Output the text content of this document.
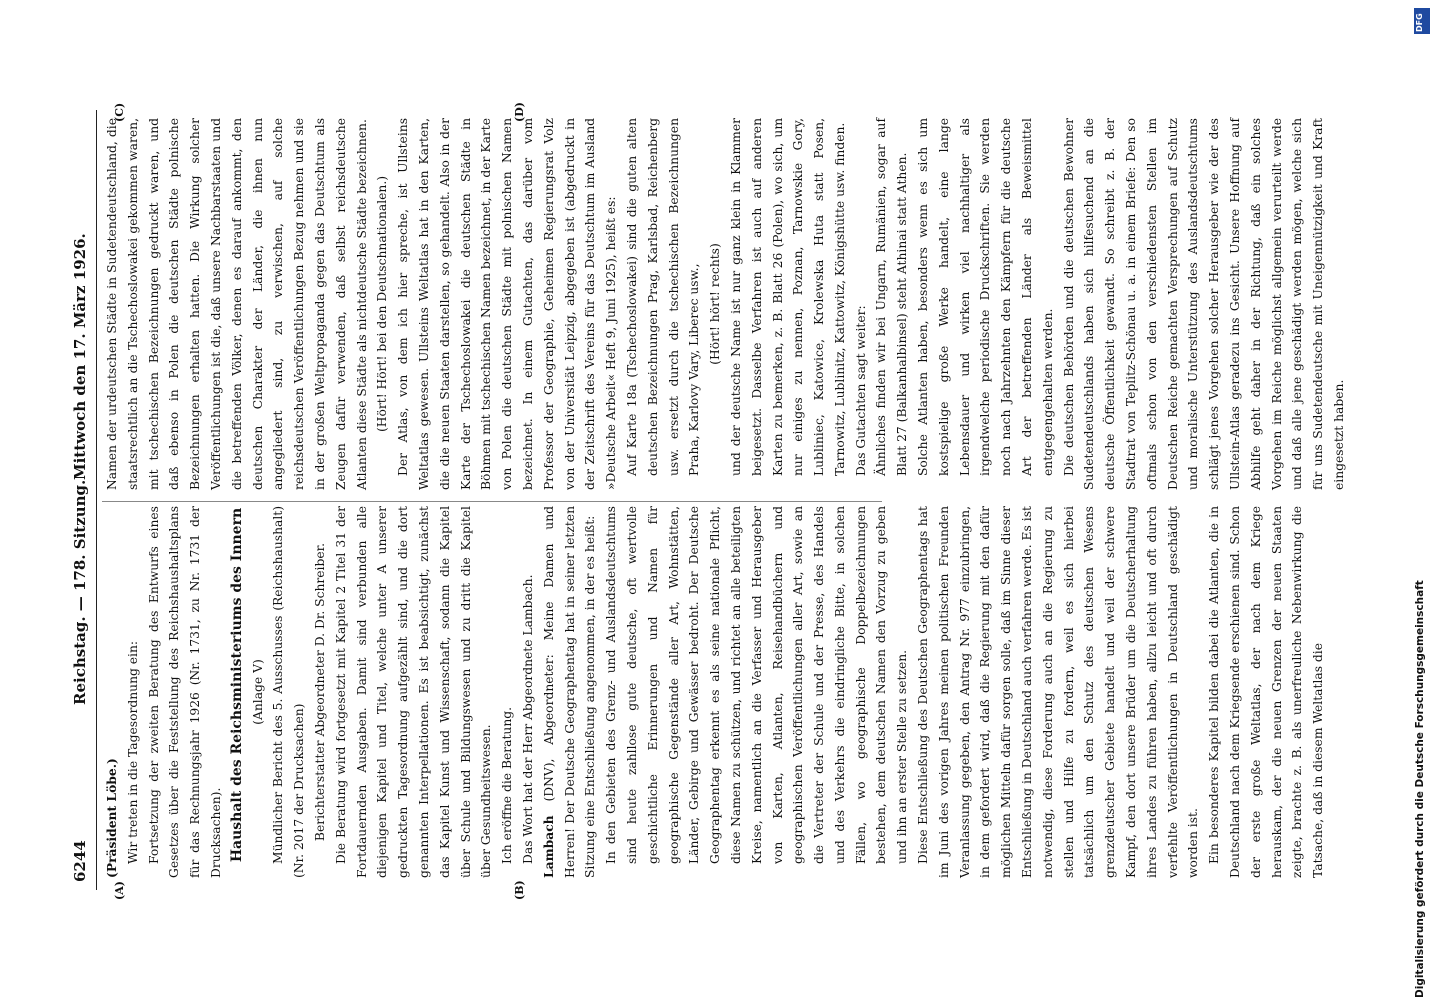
6244
Reichstag. — 178. Sitzung.
Mittwoch den 17. März 1926.
(A)	(B)
(C)	(D)

(Präsident Löbe.) Wir treten in die Tagesordnung ein: Fortsetzung der zweiten Beratung des Entwurfs eines Gesetzes über die Feststellung des Reichshaushaltsplans für das Rechnungsjahr 1926 (Nr. 1731, zu Nr. 1731 der Drucksachen). Haushalt des Reichsministeriums des Innern (Anlage V) Mündlicher Bericht des 5. Ausschusses (Reichshaushalt) (Nr. 2017 der Drucksachen) Berichterstatter Abgeordneter D. Dr. Schreiber. Die Beratung wird fortgesetzt mit Kapitel 2 Titel 31 der Fortdauernden Ausgaben. Damit sind verbunden alle diejenigen Kapitel und Titel, welche unter A unserer gedruckten Tagesordnung aufgezählt sind, und die dort genannten Interpellationen. Es ist beabsichtigt, zunächst das Kapitel Kunst und Wissenschaft, sodann die Kapitel über Schule und Bildungswesen und zu dritt die Kapitel über Gesundheitswesen. Ich eröffne die Beratung. Das Wort hat der Herr Abgeordnete Lambach. Lambach (DNV), Abgeordneter: Meine Damen und Herren! Der Deutsche Geographentag hat in seiner letzten Sitzung eine Entschließung angenommen, in der es heißt: In den Gebieten des Grenz- und Auslandsdeutschtums sind heute zahllose gute deutsche, oft wertvolle geschichtliche Erinnerungen und Namen für geographische Gegenstände aller Art, Wohnstätten, Länder, Gebirge und Gewässer bedroht. Der Deutsche Geographentag erkennt es als seine nationale Pflicht, diese Namen zu schützen, und richtet an alle beteiligten Kreise, namentlich an die Verfasser und Herausgeber von Karten, Atlanten, Reisehandbüchern und geographischen Veröffentlichungen aller Art, sowie an die Vertreter der Schule und der Presse, des Handels und des Verkehrs die eindringliche Bitte, in solchen Fällen, wo geographische Doppelbezeichnungen bestehen, dem deutschen Namen den Vorzug zu geben und ihn an erster Stelle zu setzen. Diese Entschließung des Deutschen Geographentags hat im Juni des vorigen Jahres meinen politischen Freunden Veranlassung gegeben, den Antrag Nr. 977 einzubringen, in dem gefordert wird, daß die Regierung mit den dafür möglichen Mitteln dafür sorgen solle, daß im Sinne dieser Entschließung in Deutschland auch verfahren werde. Es ist notwendig, diese Forderung auch an die Regierung zu stellen und Hilfe zu fordern, weil es sich hierbei tatsächlich um den Schutz des deutschen Wesens grenzdeutscher Gebiete handelt und weil der schwere Kampf, den dort unsere Brüder um die Deutscherhaltung ihres Landes zu führen haben, allzu leicht und oft durch verfehlte Veröffentlichungen in Deutschland geschädigt worden ist. Ein besonderes Kapitel bilden dabei die Atlanten, die in Deutschland nach dem Kriegsende erschienen sind. Schon der erste große Weltatlas, der nach dem Kriege herauskam, der die neuen Grenzen der neuen Staaten zeigte, brachte z. B. als unerfreuliche Nebenwirkung die Tatsache, daß in diesem Weltatlas die

Namen der urdeutschen Städte in Sudetendeutschland, die staatsrechtlich an die Tschechoslowakei gekommen waren, mit tschechischen Bezeichnungen gedruckt waren, und daß ebenso in Polen die deutschen Städte polnische Bezeichnungen erhalten hatten. Die Wirkung solcher Veröffentlichungen ist die, daß unsere Nachbarstaaten und die betreffenden Völker, denen es darauf ankommt, den deutschen Charakter der Länder, die ihnen nun angegliedert sind, zu verwischen, auf solche reichsdeutschen Veröffentlichungen Bezug nehmen und sie in der großen Weltpropaganda gegen das Deutschtum als Zeugen dafür verwenden, daß selbst reichsdeutsche Atlanten diese Städte als nichtdeutsche Städte bezeichnen. (Hört! Hört! bei den Deutschnationalen.) Der Atlas, von dem ich hier spreche, ist Ullsteins Weltatlas gewesen. Ullsteins Weltatlas hat in den Karten, die die neuen Staaten darstellen, so gehandelt. Also in der Karte der Tschechoslowakei die deutschen Städte in Böhmen mit tschechischen Namen bezeichnet, in der Karte von Polen die deutschen Städte mit polnischen Namen bezeichnet. In einem Gutachten, das darüber vom Professor der Geographie, Geheimen Regierungsrat Volz von der Universität Leipzig, abgegeben ist (abgedruckt in der Zeitschrift des Vereins für das Deutschtum im Ausland »Deutsche Arbeit« Heft 9, Juni 1925), heißt es: Auf Karte 18a (Tschechoslowakei) sind die guten alten deutschen Bezeichnungen Prag, Karlsbad, Reichenberg usw. ersetzt durch die tschechischen Bezeichnungen Praha, Karlovy Vary, Liberec usw., (Hört! hört! rechts) und der deutsche Name ist nur ganz klein in Klammer beigesetzt. Dasselbe Verfahren ist auch auf anderen Karten zu bemerken, z. B. Blatt 26 (Polen), wo sich, um nur einiges zu nennen, Poznan, Tarnowskie Gory, Lubliniec, Katowice, Krolewska Huta statt Posen, Tarnowitz, Lublinitz, Kattowitz, Königshütte usw. finden. Das Gutachten sagt weiter: Ähnliches finden wir bei Ungarn, Rumänien, sogar auf Blatt 27 (Balkanhalbinsel) steht Athinai statt Athen. Solche Atlanten haben, besonders wenn es sich um kostspielige große Werke handelt, eine lange Lebensdauer und wirken viel nachhaltiger als irgendwelche periodische Druckschriften. Sie werden noch nach Jahrzehnten den Kämpfern für die deutsche Art der betreffenden Länder als Beweismittel entgegengehalten werden. Die deutschen Behörden und die deutschen Bewohner Sudetendeutschlands haben sich hilfesuchend an die deutsche Öffentlichkeit gewandt. So schreibt z. B. der Stadtrat von Teplitz-Schönau u. a. in einem Briefe: Den so oftmals schon von den verschiedensten Stellen im Deutschen Reiche gemachten Versprechungen auf Schutz und moralische Unterstützung des Auslandsdeutschtums schlägt jenes Vorgehen solcher Herausgeber wie der des Ullstein-Atlas geradezu ins Gesicht. Unsere Hoffnung auf Abhilfe geht daher in der Richtung, daß ein solches Vorgehen im Reiche möglichst allgemein verurteilt werde und daß alle jene geschädigt werden mögen, welche sich für uns Sudetendeutsche mit Uneigennützigkeit und Kraft eingesetzt haben.

Digitalisierung gefördert durch die Deutsche Forschungsgemeinschaft
DFG
